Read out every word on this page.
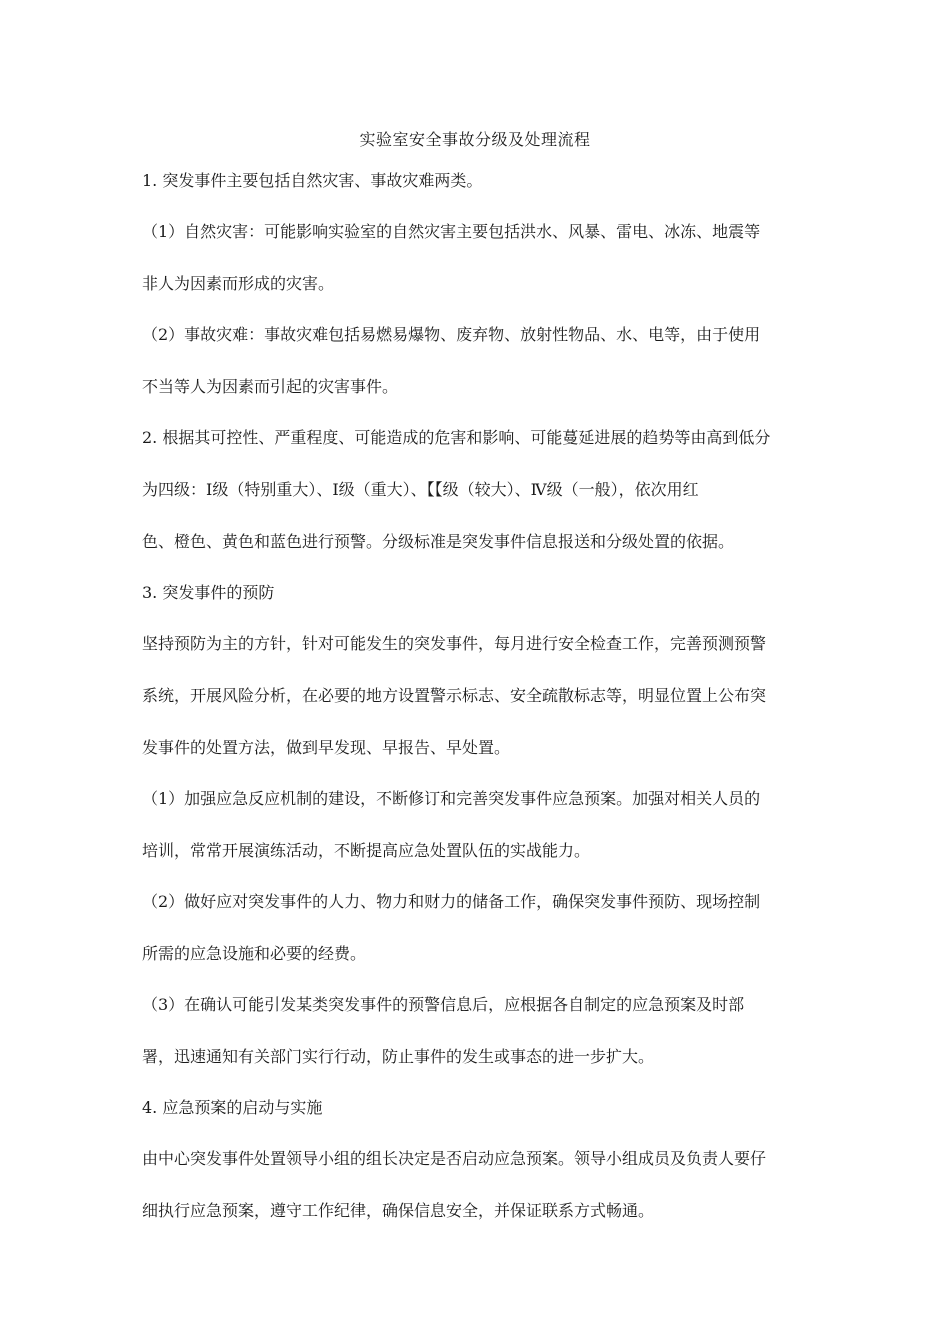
实验室安全事故分级及处理流程
1. 突发事件主要包括自然灾害、事故灾难两类。
（1）自然灾害：可能影响实验室的自然灾害主要包括洪水、风暴、雷电、冰冻、地震等
非人为因素而形成的灾害。
（2）事故灾难：事故灾难包括易燃易爆物、废弃物、放射性物品、水、电等，由于使用
不当等人为因素而引起的灾害事件。
2. 根据其可控性、严重程度、可能造成的危害和影响、可能蔓延进展的趋势等由高到低分
为四级：Ⅰ级（特别重大）、Ⅰ级（重大）、【【级（较大）、Ⅳ级（一般），依次用红
色、橙色、黄色和蓝色进行预警。分级标准是突发事件信息报送和分级处置的依据。
3. 突发事件的预防
坚持预防为主的方针，针对可能发生的突发事件，每月进行安全检查工作，完善预测预警
系统，开展风险分析，在必要的地方设置警示标志、安全疏散标志等，明显位置上公布突
发事件的处置方法，做到早发现、早报告、早处置。
（1）加强应急反应机制的建设，不断修订和完善突发事件应急预案。加强对相关人员的
培训，常常开展演练活动，不断提高应急处置队伍的实战能力。
（2）做好应对突发事件的人力、物力和财力的储备工作，确保突发事件预防、现场控制
所需的应急设施和必要的经费。
（3）在确认可能引发某类突发事件的预警信息后，应根据各自制定的应急预案及时部
署，迅速通知有关部门实行行动，防止事件的发生或事态的进一步扩大。
4. 应急预案的启动与实施
由中心突发事件处置领导小组的组长决定是否启动应急预案。领导小组成员及负责人要仔
细执行应急预案，遵守工作纪律，确保信息安全，并保证联系方式畅通。
